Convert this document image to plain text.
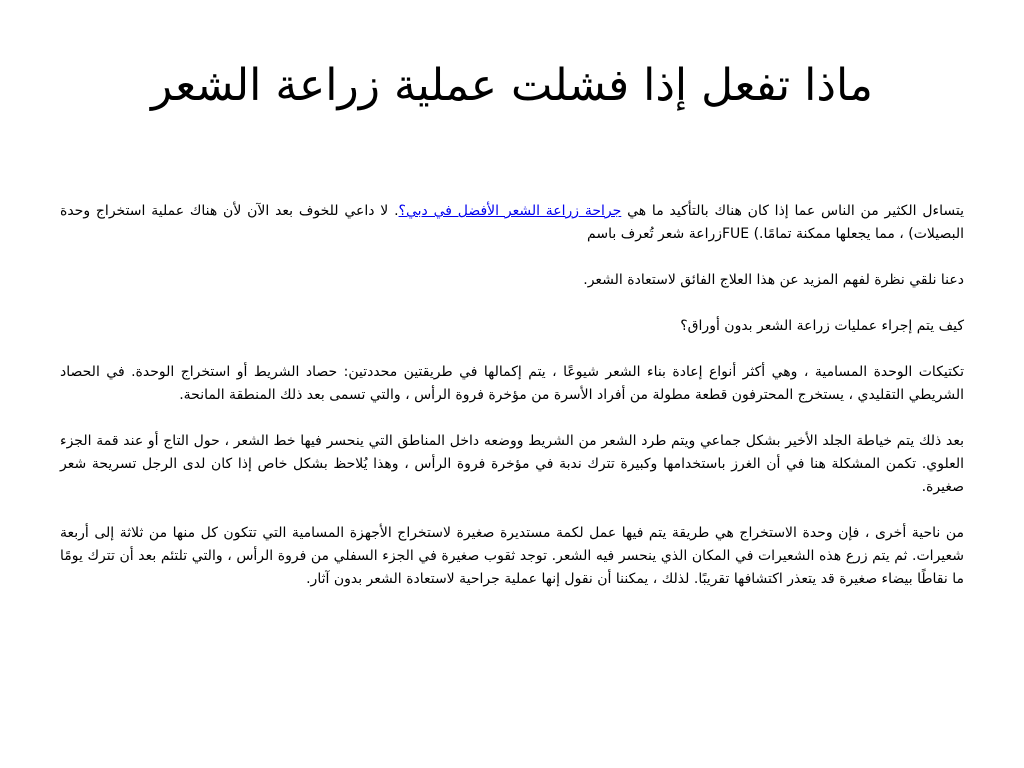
ماذا تفعل إذا فشلت عملية زراعة الشعر

يتساءل الكثير من الناس عما إذا كان هناك بالتأكيد ما هي جراحة زراعة الشعر الأفضل في دبي؟. لا داعي للخوف بعد الآن لأن هناك عملية استخراج وحدة البصيلات) ، مما يجعلها ممكنة تمامًا.) FUEزراعة شعر تُعرف باسم

دعنا نلقي نظرة لفهم المزيد عن هذا العلاج الفائق لاستعادة الشعر.

كيف يتم إجراء عمليات زراعة الشعر بدون أوراق؟

تكتيكات الوحدة المسامية ، وهي أكثر أنواع إعادة بناء الشعر شيوعًا ، يتم إكمالها في طريقتين محددتين: حصاد الشريط أو استخراج الوحدة. في الحصاد الشريطي التقليدي ، يستخرج المحترفون قطعة مطولة من أفراد الأسرة من مؤخرة فروة الرأس ، والتي تسمى بعد ذلك المنطقة المانحة.

بعد ذلك يتم خياطة الجلد الأخير بشكل جماعي ويتم طرد الشعر من الشريط ووضعه داخل المناطق التي ينحسر فيها خط الشعر ، حول التاج أو عند قمة الجزء العلوي. تكمن المشكلة هنا في أن الغرز باستخدامها وكبيرة تترك ندبة في مؤخرة فروة الرأس ، وهذا يُلاحظ بشكل خاص إذا كان لدى الرجل تسريحة شعر صغيرة.

من ناحية أخرى ، فإن وحدة الاستخراج هي طريقة يتم فيها عمل لكمة مستديرة صغيرة لاستخراج الأجهزة المسامية التي تتكون كل منها من ثلاثة إلى أربعة شعيرات. ثم يتم زرع هذه الشعيرات في المكان الذي ينحسر فيه الشعر. توجد ثقوب صغيرة في الجزء السفلي من فروة الرأس ، والتي تلتئم بعد أن تترك يومًا ما نقاطًا بيضاء صغيرة قد يتعذر اكتشافها تقريبًا. لذلك ، يمكننا أن نقول إنها عملية جراحية لاستعادة الشعر بدون آثار.
